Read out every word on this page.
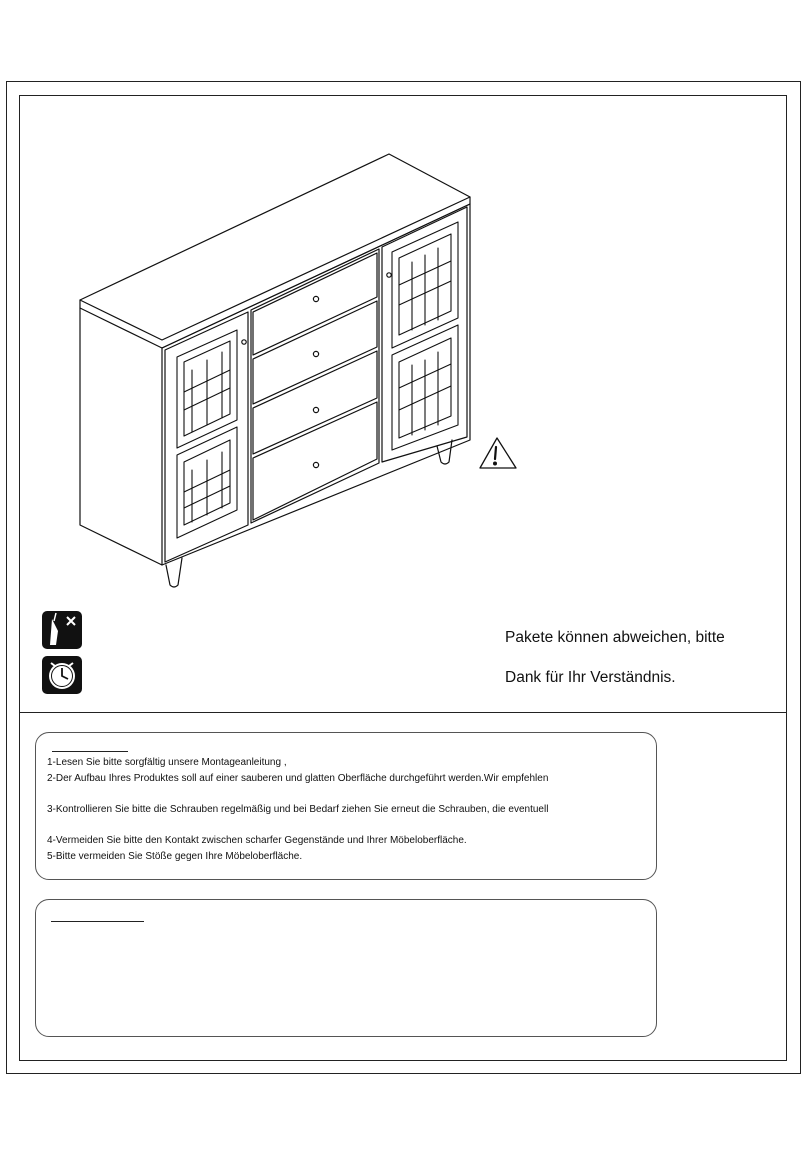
Pakete können abweichen, bitte
Dank für Ihr Verständnis.
1-Lesen Sie bitte sorgfältig unsere Montageanleitung ,
2-Der Aufbau Ihres Produktes soll auf einer sauberen und glatten Oberfläche durchgeführt werden.Wir empfehlen
3-Kontrollieren Sie bitte die Schrauben regelmäßig und bei Bedarf ziehen Sie erneut die Schrauben, die eventuell
4-Vermeiden Sie bitte den Kontakt zwischen scharfer Gegenstände und Ihrer Möbeloberfläche.
5-Bitte vermeiden Sie Stöße gegen Ihre Möbeloberfläche.
